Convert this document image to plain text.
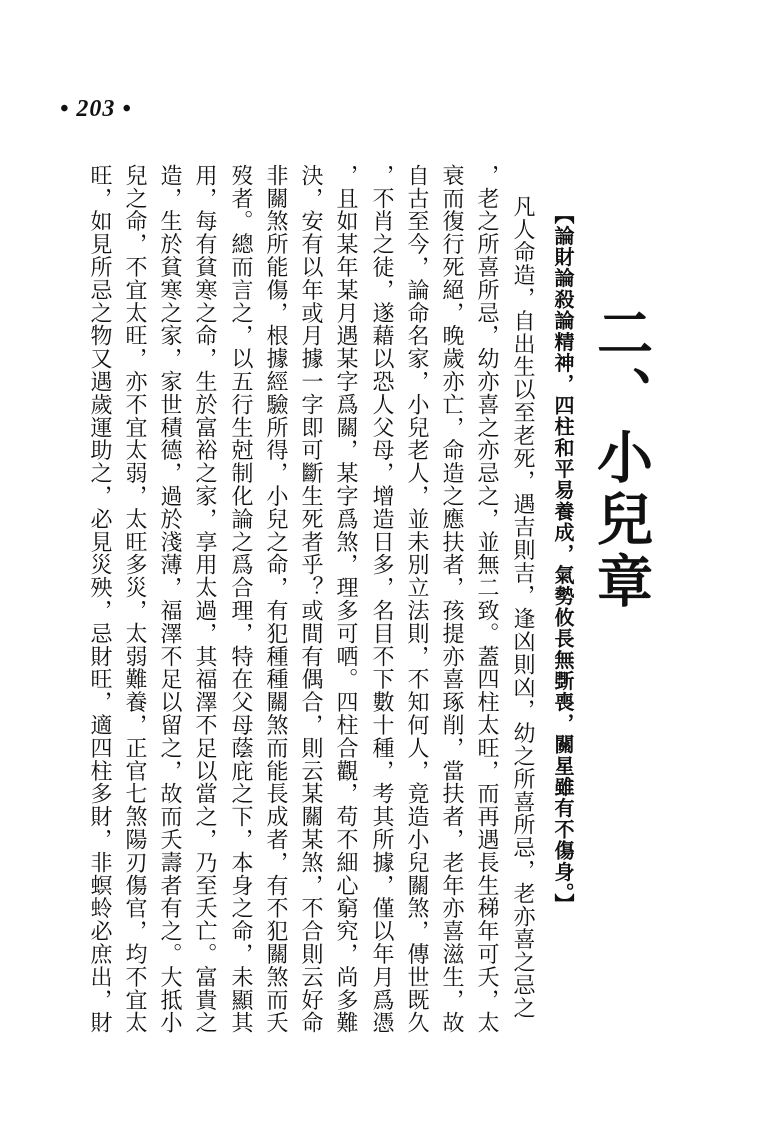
• 203 •
二、小兒章
【論財論殺論精神，四柱和平易養成，氣勢攸長無斲喪，關星雖有不傷身。】
凡人命造，自出生以至老死，遇吉則吉，逢凶則凶，幼之所喜所忌，老亦喜之忌之
，老之所喜所忌，幼亦喜之亦忌之，並無二致。蓋四柱太旺，而再遇長生稊年可夭，太
衰而復行死絕，晚歲亦亡，命造之應扶者，孩提亦喜琢削，當扶者，老年亦喜滋生，故
自古至今，論命名家，小兒老人，並未別立法則，不知何人，竟造小兒關煞，傳世既久
，不肖之徒，遂藉以恐人父母，增造日多，名目不下數十種，考其所據，僅以年月爲憑
，且如某年某月遇某字爲關，某字爲煞，理多可哂。四柱合觀，苟不細心窮究，尚多難
決，安有以年或月據一字即可斷生死者乎？或間有偶合，則云某關某煞，不合則云好命
非關煞所能傷，根據經驗所得，小兒之命，有犯種種關煞而能長成者，有不犯關煞而夭
歿者。總而言之，以五行生尅制化論之爲合理，特在父母蔭庇之下，本身之命，未顯其
用，每有貧寒之命，生於富裕之家，享用太過，其福澤不足以當之，乃至夭亡。富貴之
造，生於貧寒之家，家世積德，過於淺薄，福澤不足以留之，故而夭壽者有之。大抵小
兒之命，不宜太旺，亦不宜太弱，太旺多災，太弱難養，正官七煞陽刃傷官，均不宜太
旺，如見所忌之物又遇歲運助之，必見災殃，忌財旺，適四柱多財，非螟蛉必庶出，財
